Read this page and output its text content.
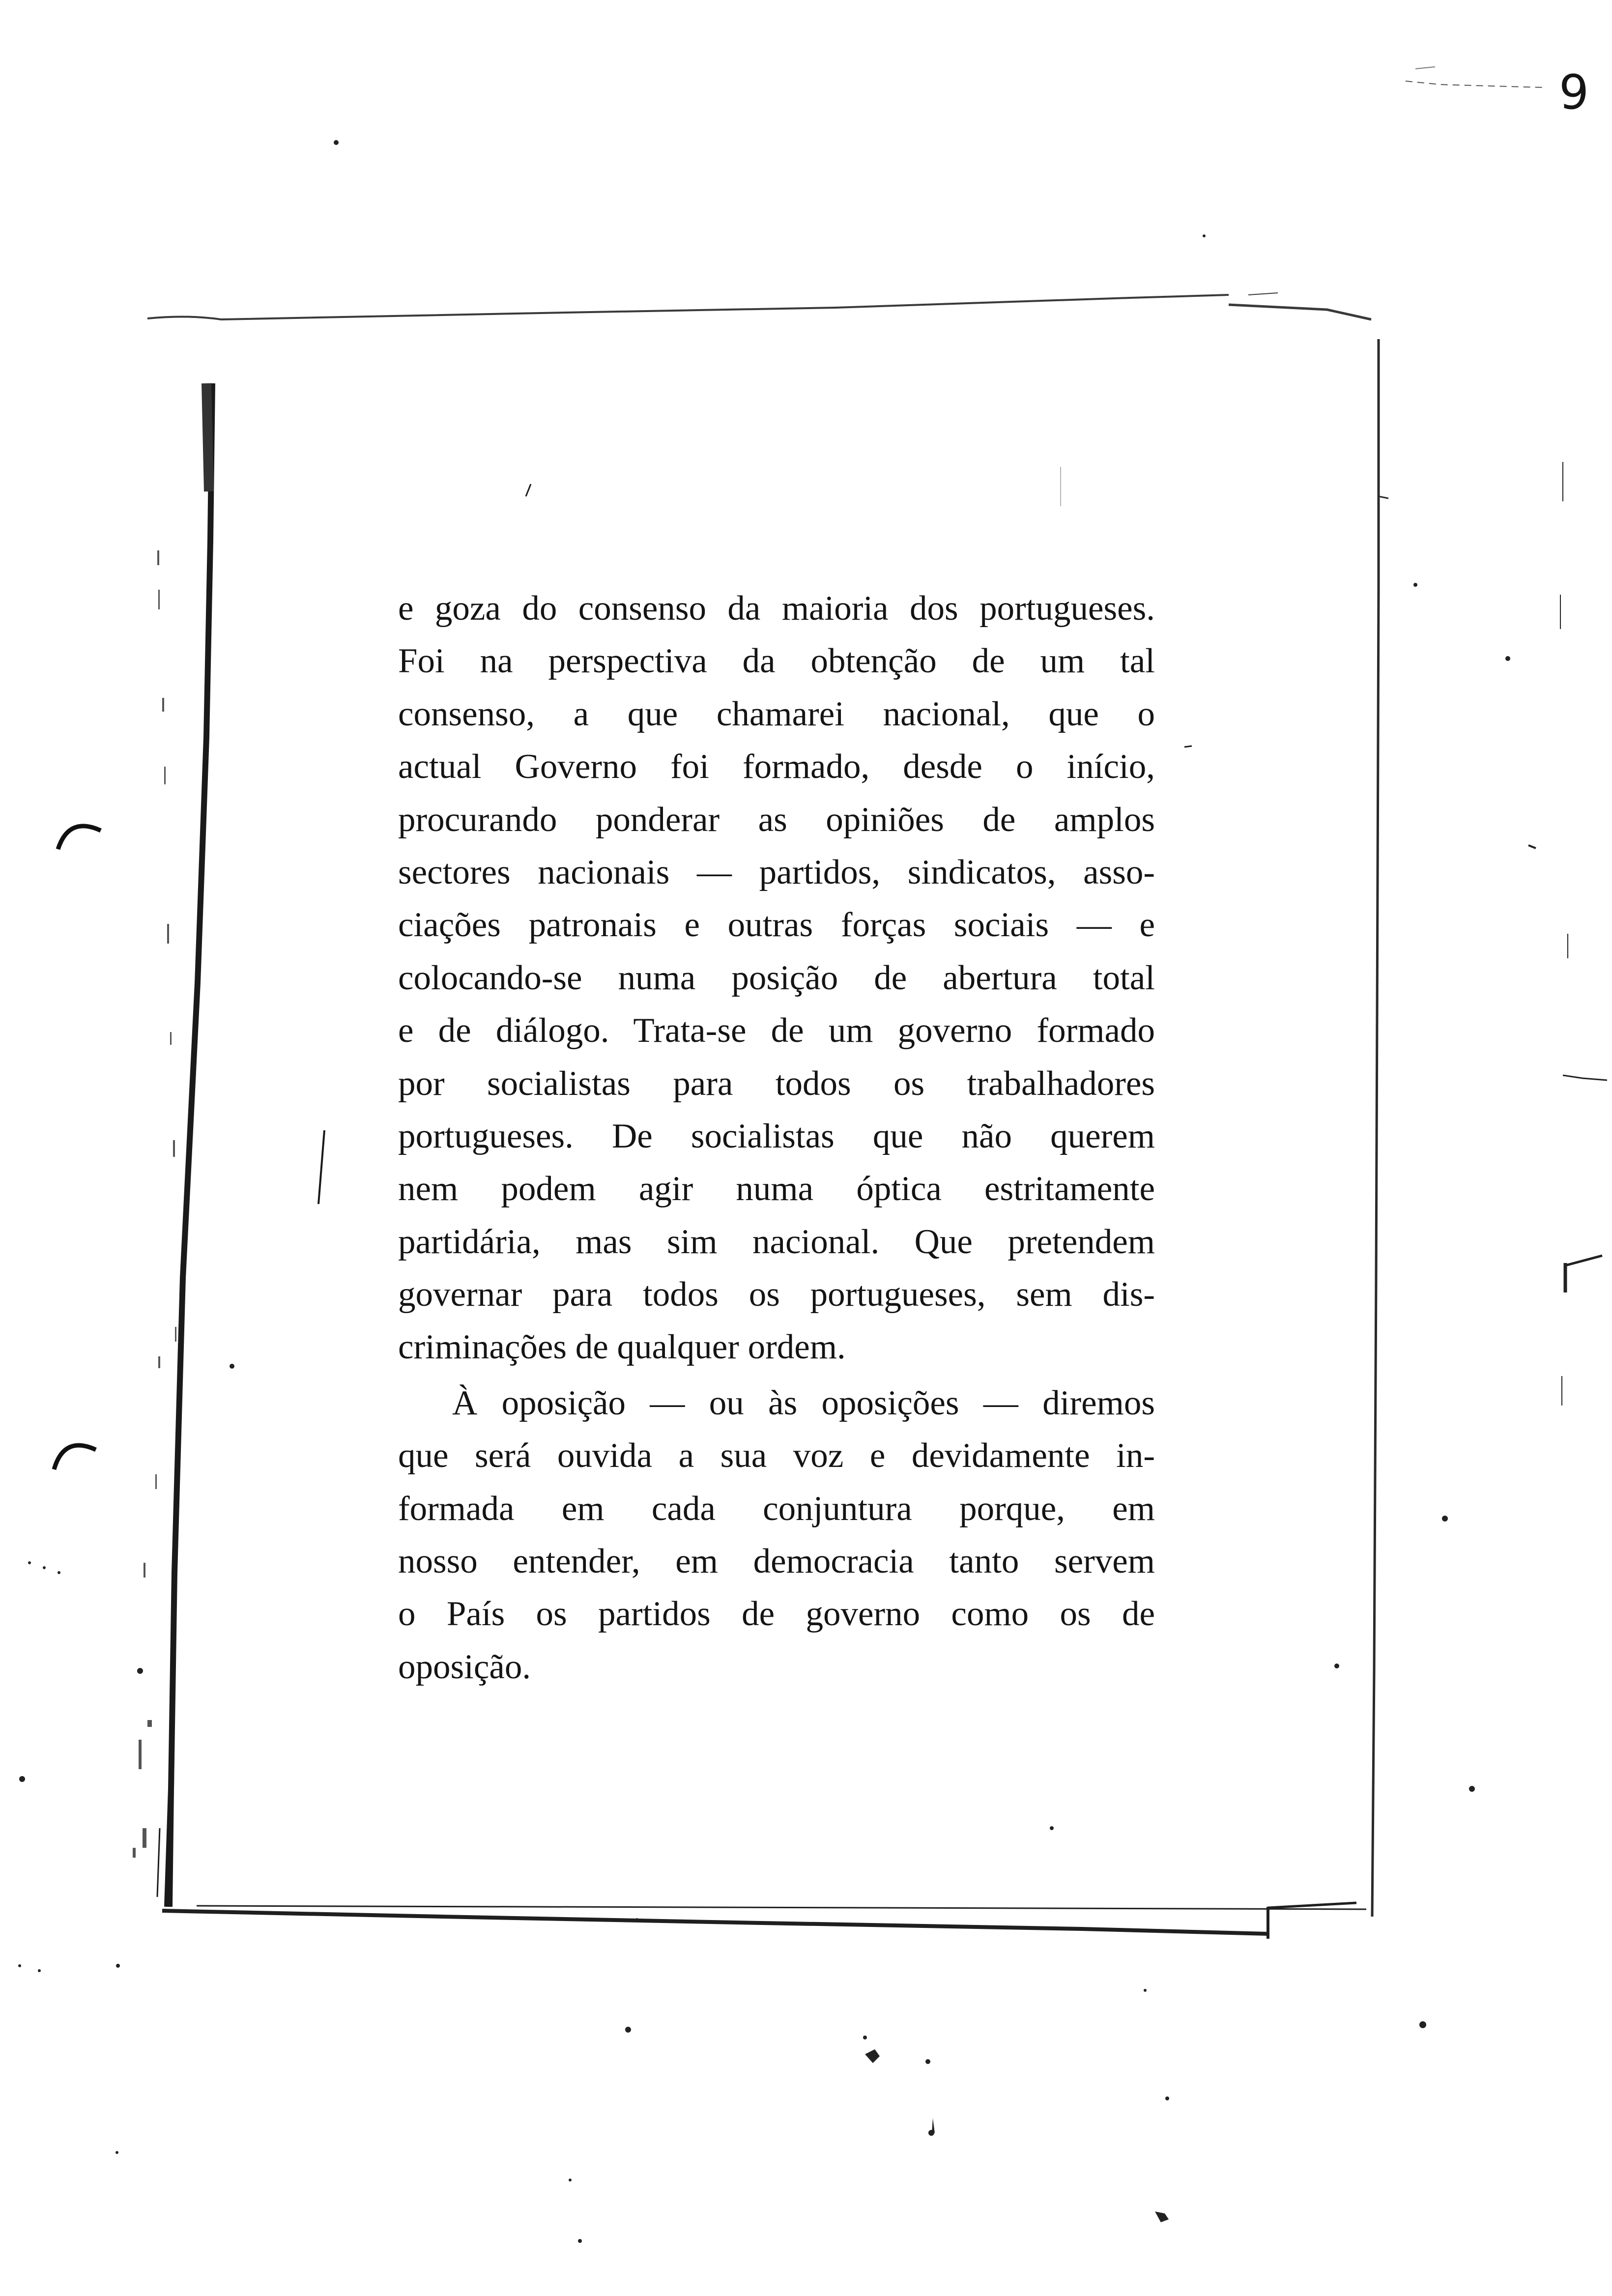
9
e goza do consenso da maioria dos portugueses.
Foi na perspectiva da obtenção de um tal
consenso, a que chamarei nacional, que o
actual Governo foi formado, desde o início,
procurando ponderar as opiniões de amplos
sectores nacionais — partidos, sindicatos, asso-
ciações patronais e outras forças sociais — e
colocando-se numa posição de abertura total
e de diálogo. Trata-se de um governo formado
por socialistas para todos os trabalhadores
portugueses. De socialistas que não querem
nem podem agir numa óptica estritamente
partidária, mas sim nacional. Que pretendem
governar para todos os portugueses, sem dis-
criminações de qualquer ordem.
À oposição — ou às oposições — diremos
que será ouvida a sua voz e devidamente in-
formada em cada conjuntura porque, em
nosso entender, em democracia tanto servem
o País os partidos de governo como os de
oposição.
